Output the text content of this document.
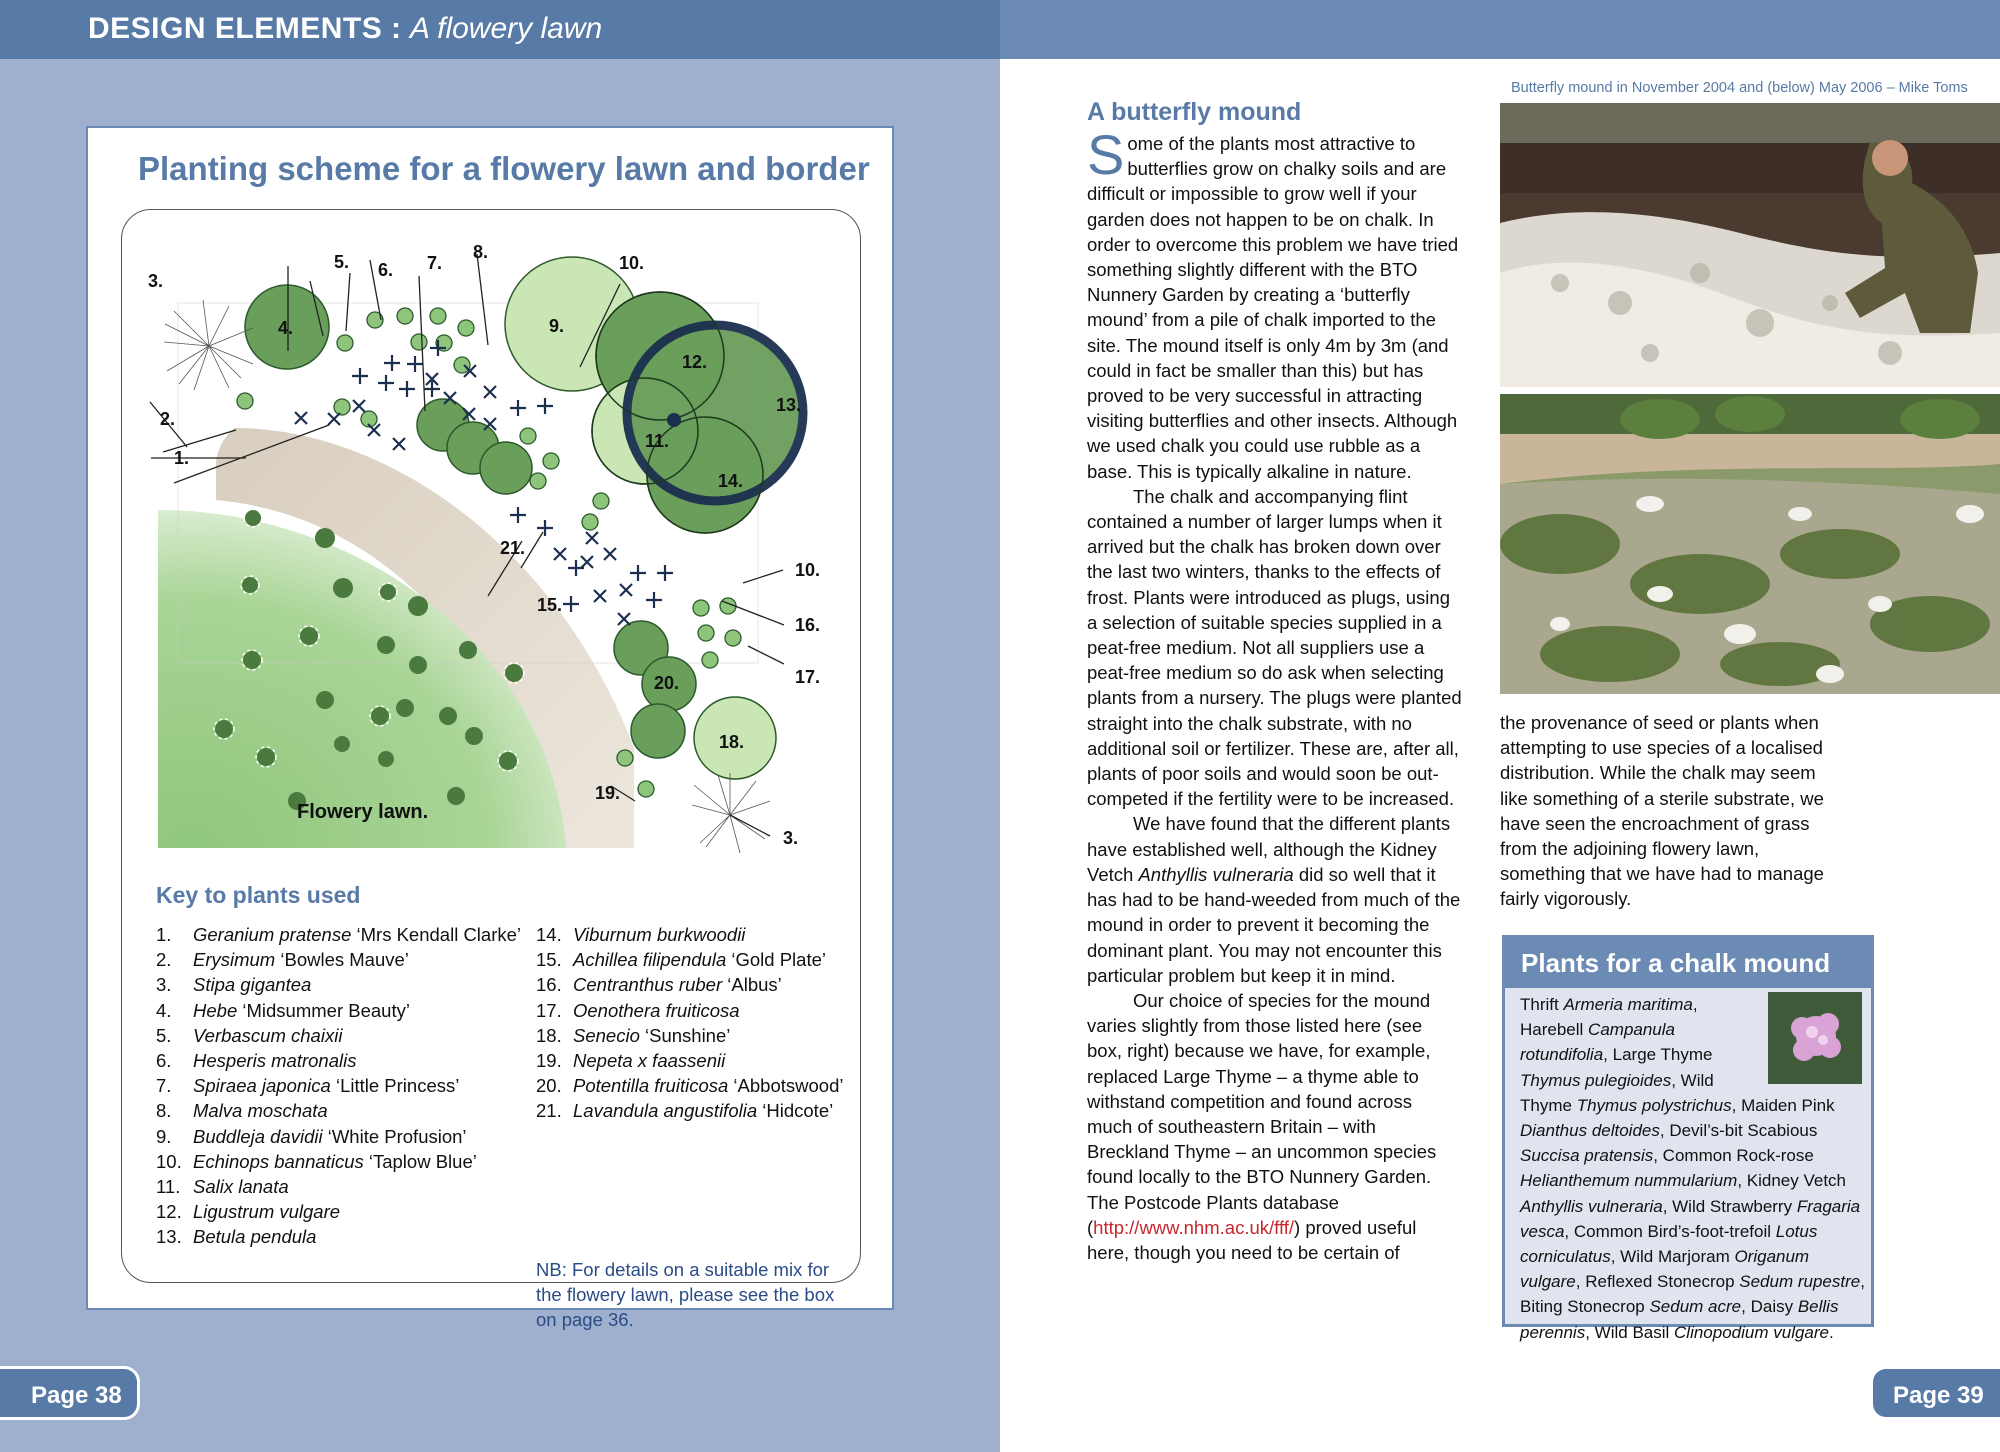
DESIGN ELEMENTS : A flowery lawn
Planting scheme for a flowery lawn and border
1.
2.
3.
4.
5. 6. 7.
8.
9.
10.
11.
12.
13.
14.
15.
10.
16.
17.
18.
19.
20.
21.
3.
Flowery lawn.
Key to plants used
1. Geranium pratense ‘Mrs Kendall Clarke’
2. Erysimum ‘Bowles Mauve’
3. Stipa gigantea
4. Hebe ‘Midsummer Beauty’
5. Verbascum chaixii
6. Hesperis matronalis
7. Spiraea japonica ‘Little Princess’
8. Malva moschata
9. Buddleja davidii ‘White Profusion’
10. Echinops bannaticus ‘Taplow Blue’
11. Salix lanata
12. Ligustrum vulgare
13. Betula pendula
14. Viburnum burkwoodii
15. Achillea filipendula ‘Gold Plate’
16. Centranthus ruber ‘Albus’
17. Oenothera fruiticosa
18. Senecio ‘Sunshine’
19. Nepeta x faassenii
20. Potentilla fruiticosa ‘Abbotswood’
21. Lavandula angustifolia ‘Hidcote’
NB: For details on a suitable mix for the flowery lawn, please see the box on page 36.
Page 38	Page 39
A butterfly mound

Some of the plants most attractive to butterflies grow on chalky soils and are difficult or impossible to grow well if your garden does not happen to be on chalk. In order to overcome this problem we have tried something slightly different with the BTO Nunnery Garden by creating a ‘butterfly mound’ from a pile of chalk imported to the site. The mound itself is only 4m by 3m (and could in fact be smaller than this) but has proved to be very successful in attracting visiting butterflies and other insects. Although we used chalk you could use rubble as a base. This is typically alkaline in nature.

The chalk and accompanying flint contained a number of larger lumps when it arrived but the chalk has broken down over the last two winters, thanks to the effects of frost. Plants were introduced as plugs, using a selection of suitable species supplied in a peat-free medium. Not all suppliers use a peat-free medium so do ask when selecting plants from a nursery. The plugs were planted straight into the chalk substrate, with no additional soil or fertilizer. These are, after all, plants of poor soils and would soon be out-competed if the fertility were to be increased.

We have found that the different plants have established well, although the Kidney Vetch Anthyllis vulneraria did so well that it has had to be hand-weeded from much of the mound in order to prevent it becoming the dominant plant. You may not encounter this particular problem but keep it in mind.

Our choice of species for the mound varies slightly from those listed here (see box, right) because we have, for example, replaced Large Thyme – a thyme able to withstand competition and found across much of southeastern Britain – with Breckland Thyme – an uncommon species found locally to the BTO Nunnery Garden. The Postcode Plants database (http://www.nhm.ac.uk/fff/) proved useful here, though you need to be certain of

Butterfly mound in November 2004 and (below) May 2006 – Mike Toms

the provenance of seed or plants when attempting to use species of a localised distribution. While the chalk may seem like something of a sterile substrate, we have seen the encroachment of grass from the adjoining flowery lawn, something that we have had to manage fairly vigorously.

Plants for a chalk mound
Thrift Armeria maritima, Harebell Campanula rotundifolia, Large Thyme Thymus pulegioides, Wild Thyme Thymus polystrichus, Maiden Pink Dianthus deltoides, Devil’s-bit Scabious Succisa pratensis, Common Rock-rose Helianthemum nummularium, Kidney Vetch Anthyllis vulneraria, Wild Strawberry Fragaria vesca, Common Bird’s-foot-trefoil Lotus corniculatus, Wild Marjoram Origanum vulgare, Reflexed Stonecrop Sedum rupestre, Biting Stonecrop Sedum acre, Daisy Bellis perennis, Wild Basil Clinopodium vulgare.
